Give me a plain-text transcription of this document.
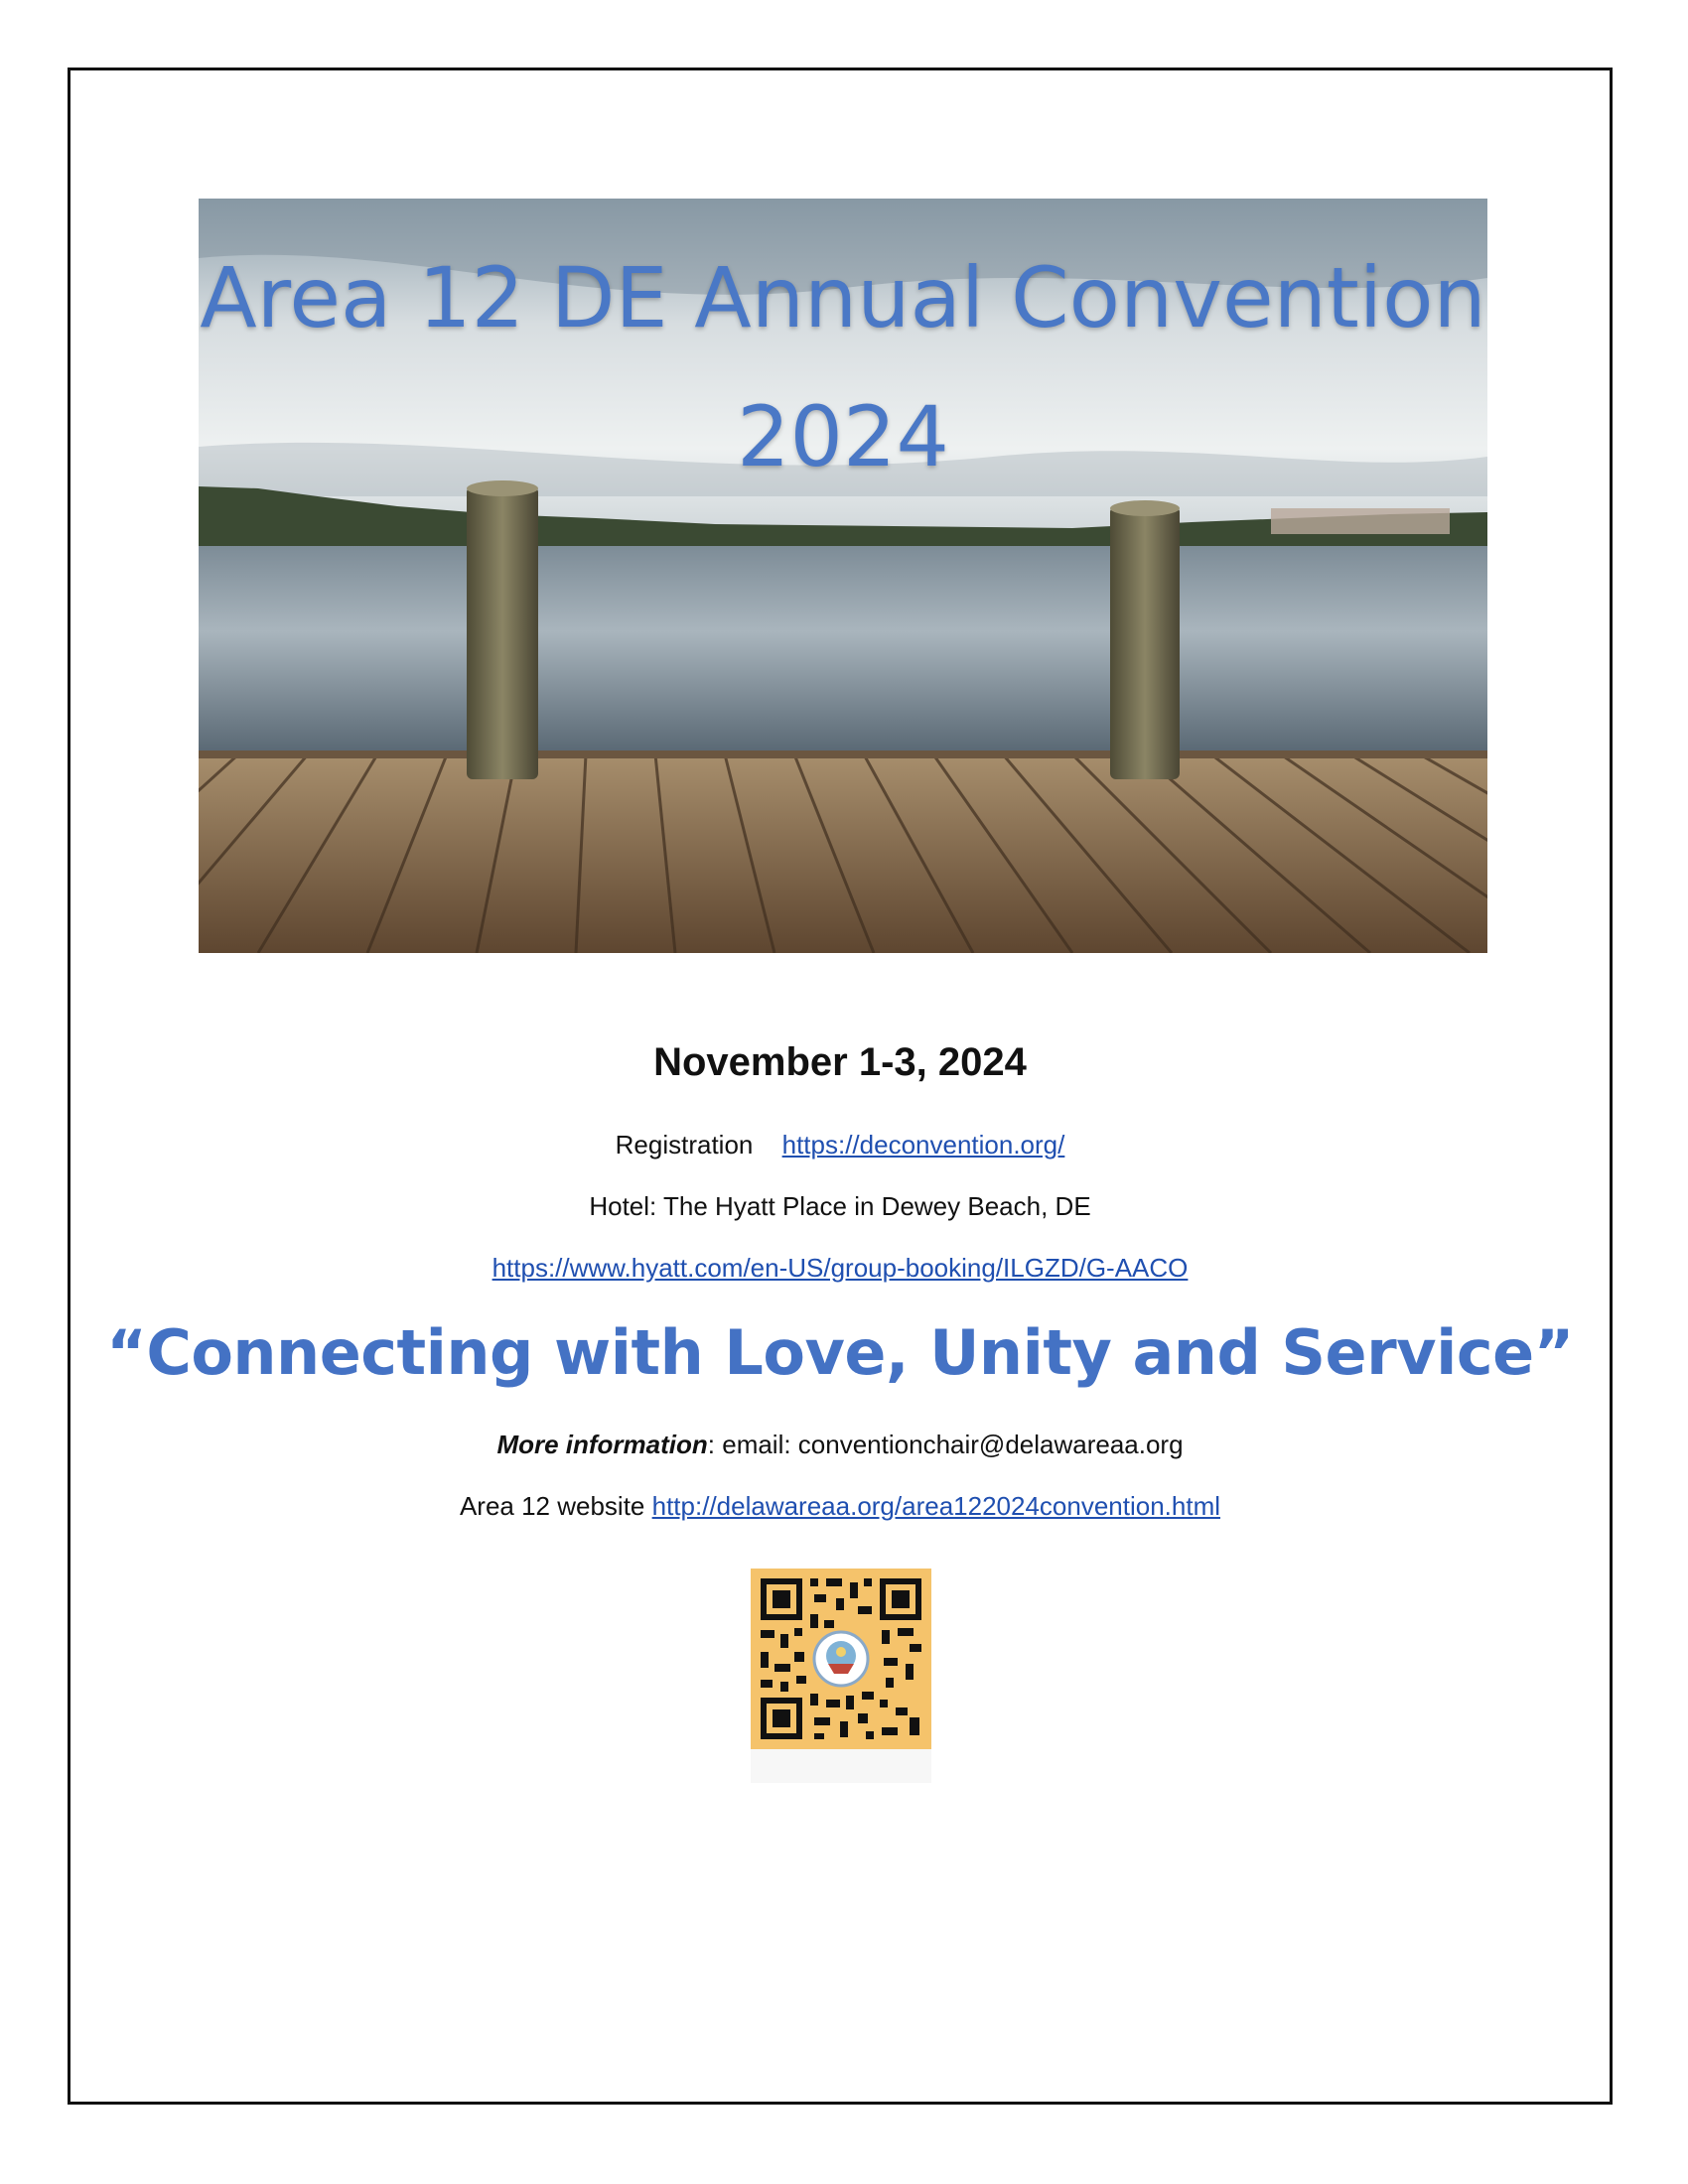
Area 12 DE Annual Convention
2024
November 1-3, 2024
Registration https://deconvention.org/
Hotel: The Hyatt Place in Dewey Beach, DE
https://www.hyatt.com/en-US/group-booking/ILGZD/G-AACO
“Connecting with Love, Unity and Service”
More information: email: conventionchair@delawareaa.org
Area 12 website http://delawareaa.org/area122024convention.html
